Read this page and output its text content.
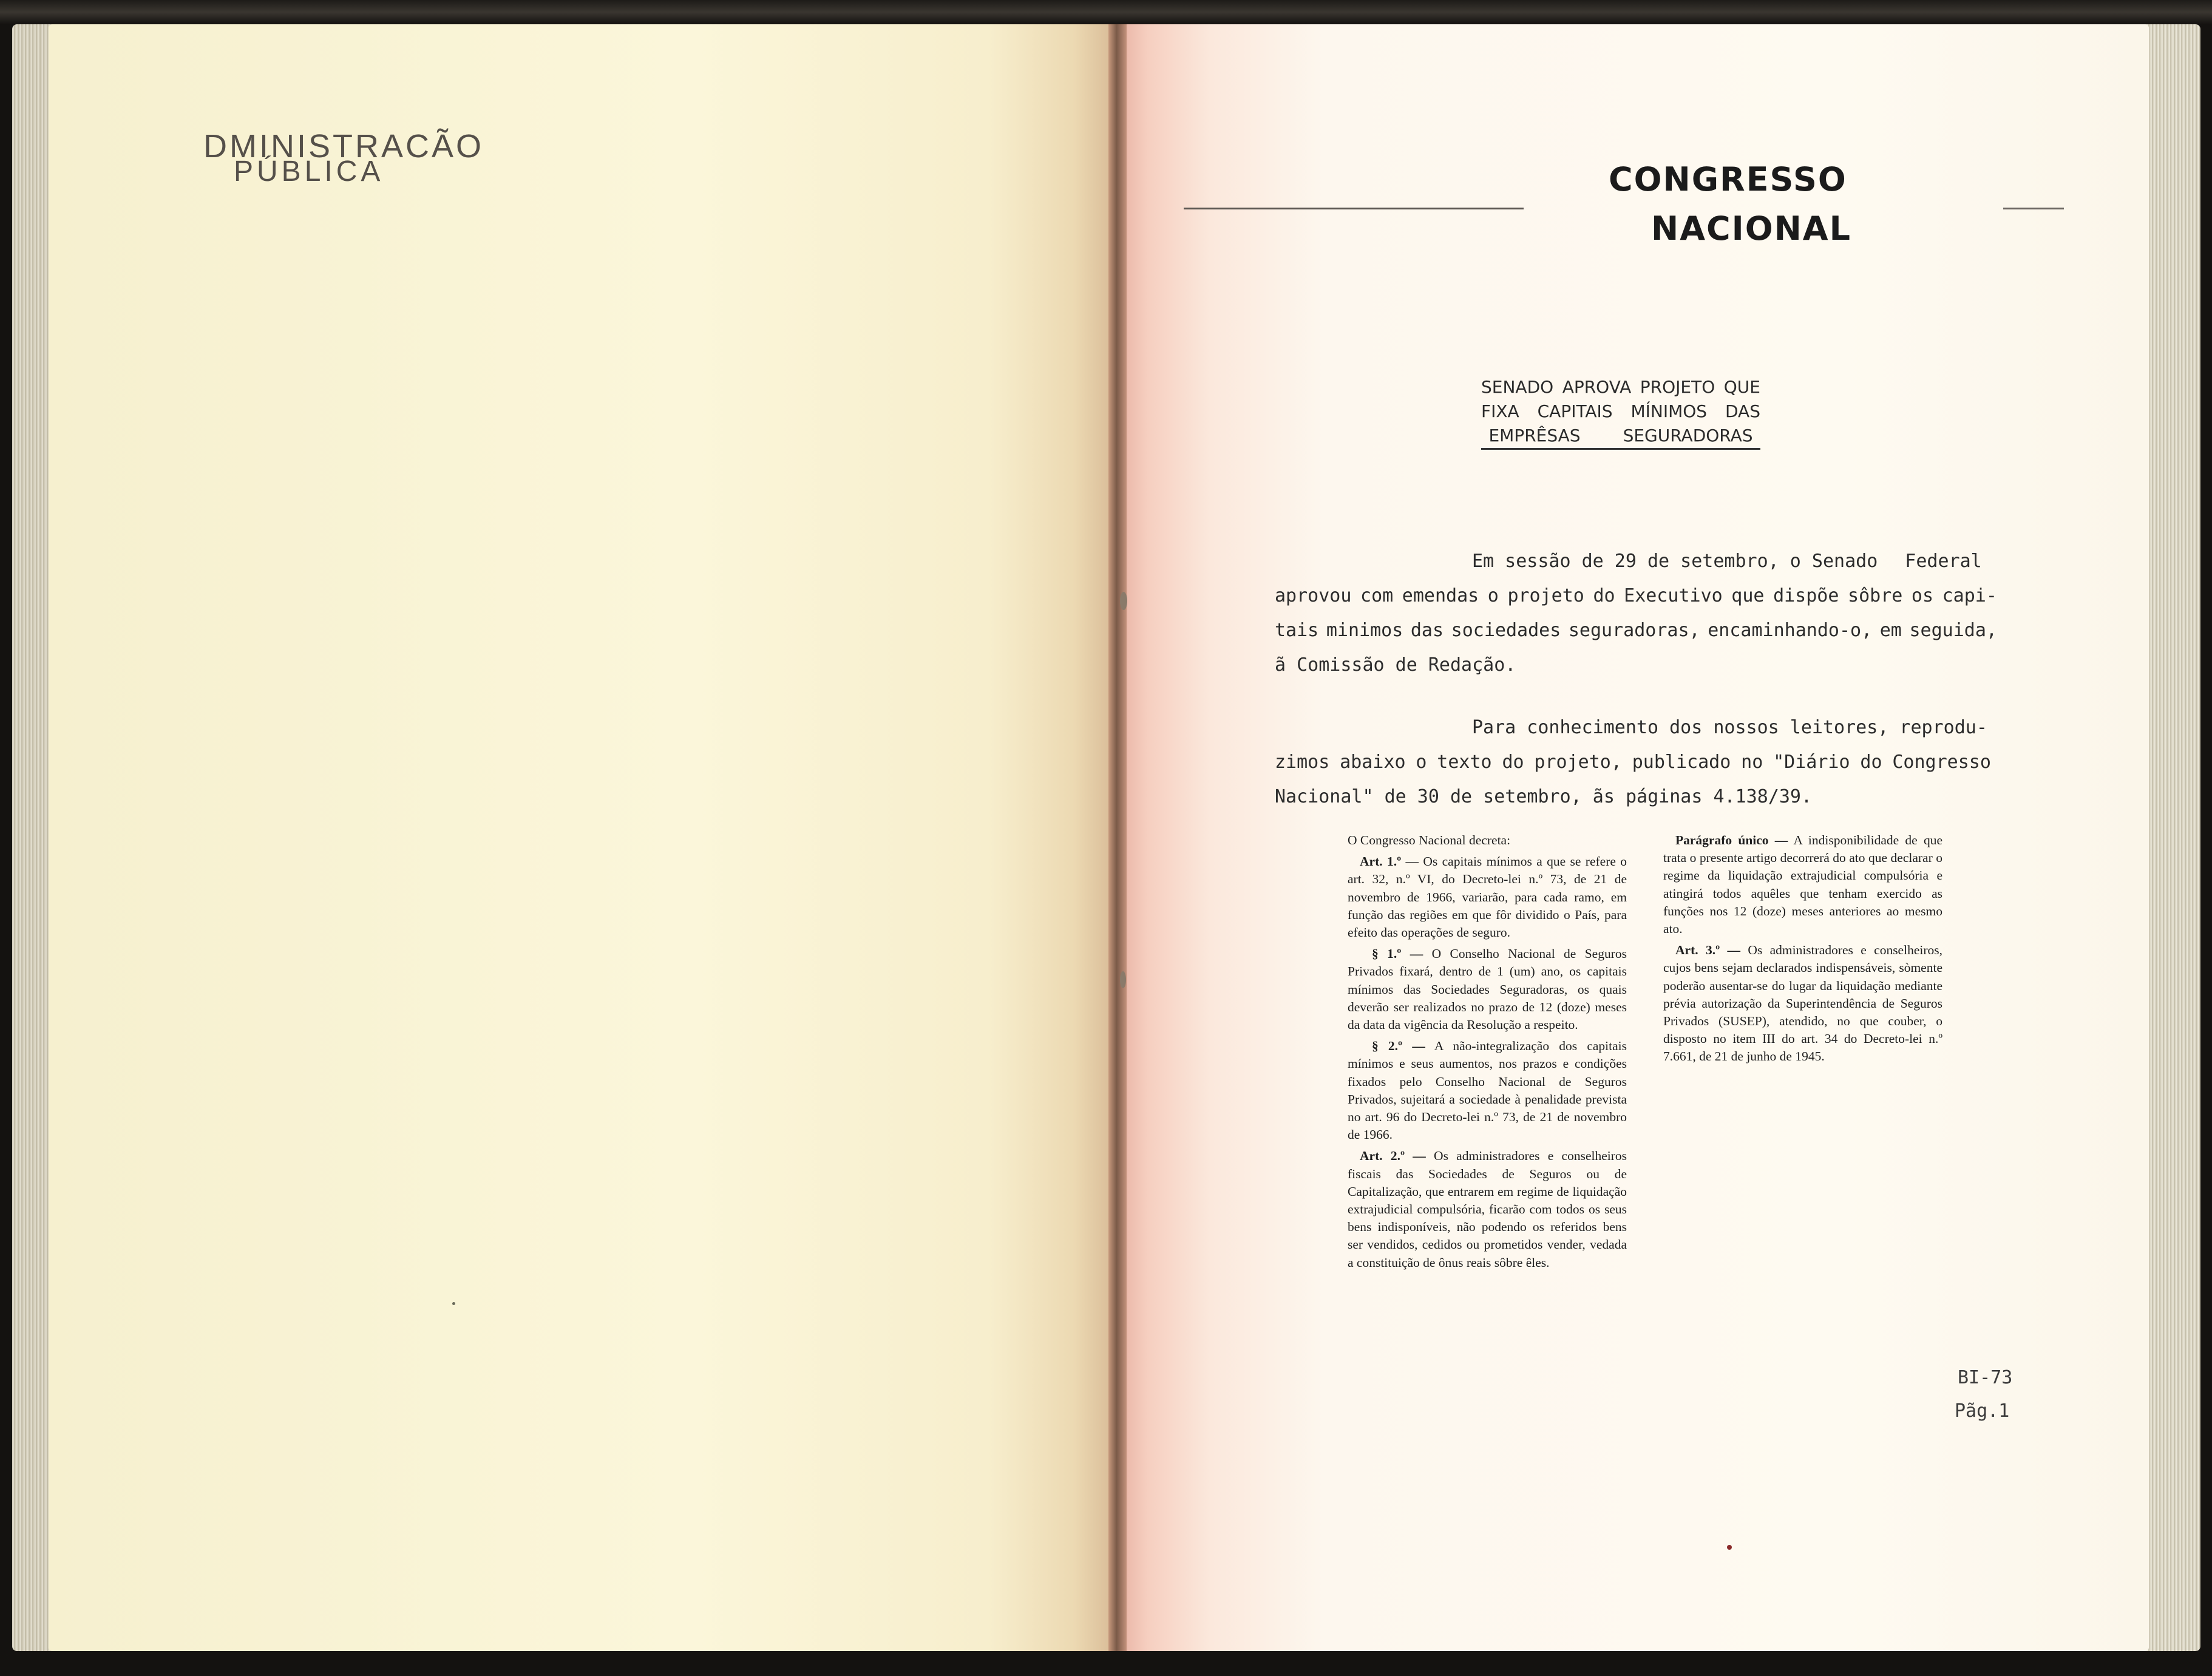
DMINISTRACÃO
PÚBLICA	CONGRESSO
NACIONAL
SENADO APROVA PROJETO QUE
FIXA CAPITAIS MÍNIMOS DAS
EMPRÊSAS	SEGURADORAS
Em sessão de 29 de setembro, o Senado Federal
aprovou com emendas o projeto do Executivo que dispõe sôbre os capi-
tais minimos das sociedades seguradoras, encaminhando-o, em seguida,
ã Comissão de Redação.
Para conhecimento dos nossos leitores, reprodu-
zimos abaixo o texto do projeto, publicado no "Diário do Congresso
Nacional" de 30 de setembro, ãs páginas 4.138/39.

O Congresso Nacional decreta:

Art. 1.º — Os capitais mínimos a que se refere o art. 32, n.º VI, do Decreto-lei n.º 73, de 21 de novembro de 1966, variarão, para cada ramo, em função das regiões em que fôr dividido o País, para efeito das operações de seguro.

§ 1.º — O Conselho Nacional de Seguros Privados fixará, dentro de 1 (um) ano, os capitais mínimos das Sociedades Seguradoras, os quais deverão ser realizados no prazo de 12 (doze) meses da data da vigência da Resolução a respeito.

§ 2.º — A não-integralização dos capitais mínimos e seus aumentos, nos prazos e condições fixados pelo Conselho Nacional de Seguros Privados, sujeitará a sociedade à penalidade prevista no art. 96 do Decreto-lei n.º 73, de 21 de novembro de 1966.

Art. 2.º — Os administradores e conselheiros fiscais das Sociedades de Seguros ou de Capitalização, que entrarem em regime de liquidação extrajudicial compulsória, ficarão com todos os seus bens indisponíveis, não podendo os referidos bens ser vendidos, cedidos ou prometidos vender, vedada a constituição de ônus reais sôbre êles.

Parágrafo único — A indisponibilidade de que trata o presente artigo decorrerá do ato que declarar o regime da liquidação extrajudicial compulsória e atingirá todos aquêles que tenham exercido as funções nos 12 (doze) meses anteriores ao mesmo ato.

Art. 3.º — Os administradores e conselheiros, cujos bens sejam declarados indispensáveis, sòmente poderão ausentar-se do lugar da liquidação mediante prévia autorização da Superintendência de Seguros Privados (SUSEP), atendido, no que couber, o disposto no item III do art. 34 do Decreto-lei n.º 7.661, de 21 de junho de 1945.

BI-73
Pãg.1
